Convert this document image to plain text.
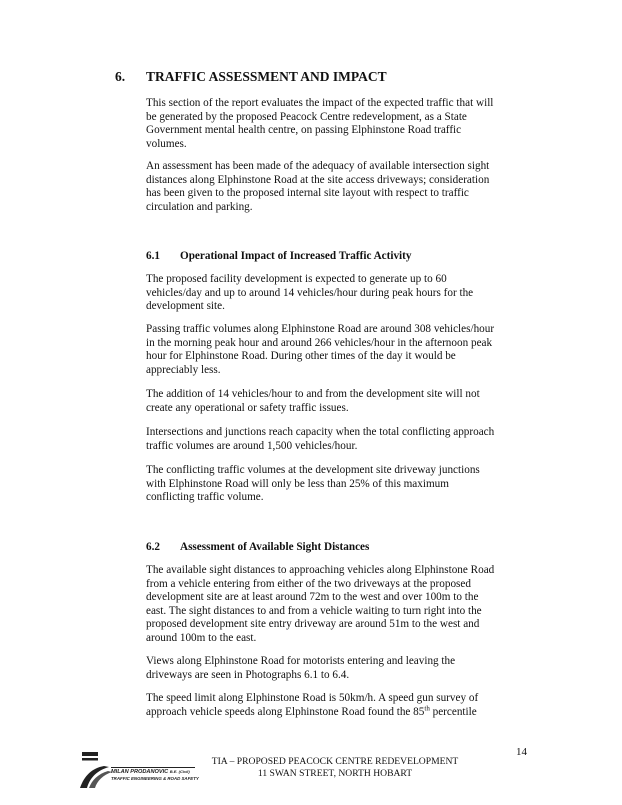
6. TRAFFIC ASSESSMENT AND IMPACT
This section of the report evaluates the impact of the expected traffic that will
be generated by the proposed Peacock Centre redevelopment, as a State
Government mental health centre, on passing Elphinstone Road traffic
volumes.
An assessment has been made of the adequacy of available intersection sight
distances along Elphinstone Road at the site access driveways; consideration
has been given to the proposed internal site layout with respect to traffic
circulation and parking.
6.1 Operational Impact of Increased Traffic Activity
The proposed facility development is expected to generate up to 60
vehicles/day and up to around 14 vehicles/hour during peak hours for the
development site.
Passing traffic volumes along Elphinstone Road are around 308 vehicles/hour
in the morning peak hour and around 266 vehicles/hour in the afternoon peak
hour for Elphinstone Road. During other times of the day it would be
appreciably less.
The addition of 14 vehicles/hour to and from the development site will not
create any operational or safety traffic issues.
Intersections and junctions reach capacity when the total conflicting approach
traffic volumes are around 1,500 vehicles/hour.
The conflicting traffic volumes at the development site driveway junctions
with Elphinstone Road will only be less than 25% of this maximum
conflicting traffic volume.
6.2 Assessment of Available Sight Distances
The available sight distances to approaching vehicles along Elphinstone Road
from a vehicle entering from either of the two driveways at the proposed
development site are at least around 72m to the west and over 100m to the
east. The sight distances to and from a vehicle waiting to turn right into the
proposed development site entry driveway are around 51m to the west and
around 100m to the east.
Views along Elphinstone Road for motorists entering and leaving the
driveways are seen in Photographs 6.1 to 6.4.
The speed limit along Elphinstone Road is 50km/h. A speed gun survey of
approach vehicle speeds along Elphinstone Road found the 85th percentile
14
TIA – PROPOSED PEACOCK CENTRE REDEVELOPMENT
11 SWAN STREET, NORTH HOBART
MILAN PRODANOVIC B.E. (Civil)
TRAFFIC ENGINEERING & ROAD SAFETY
